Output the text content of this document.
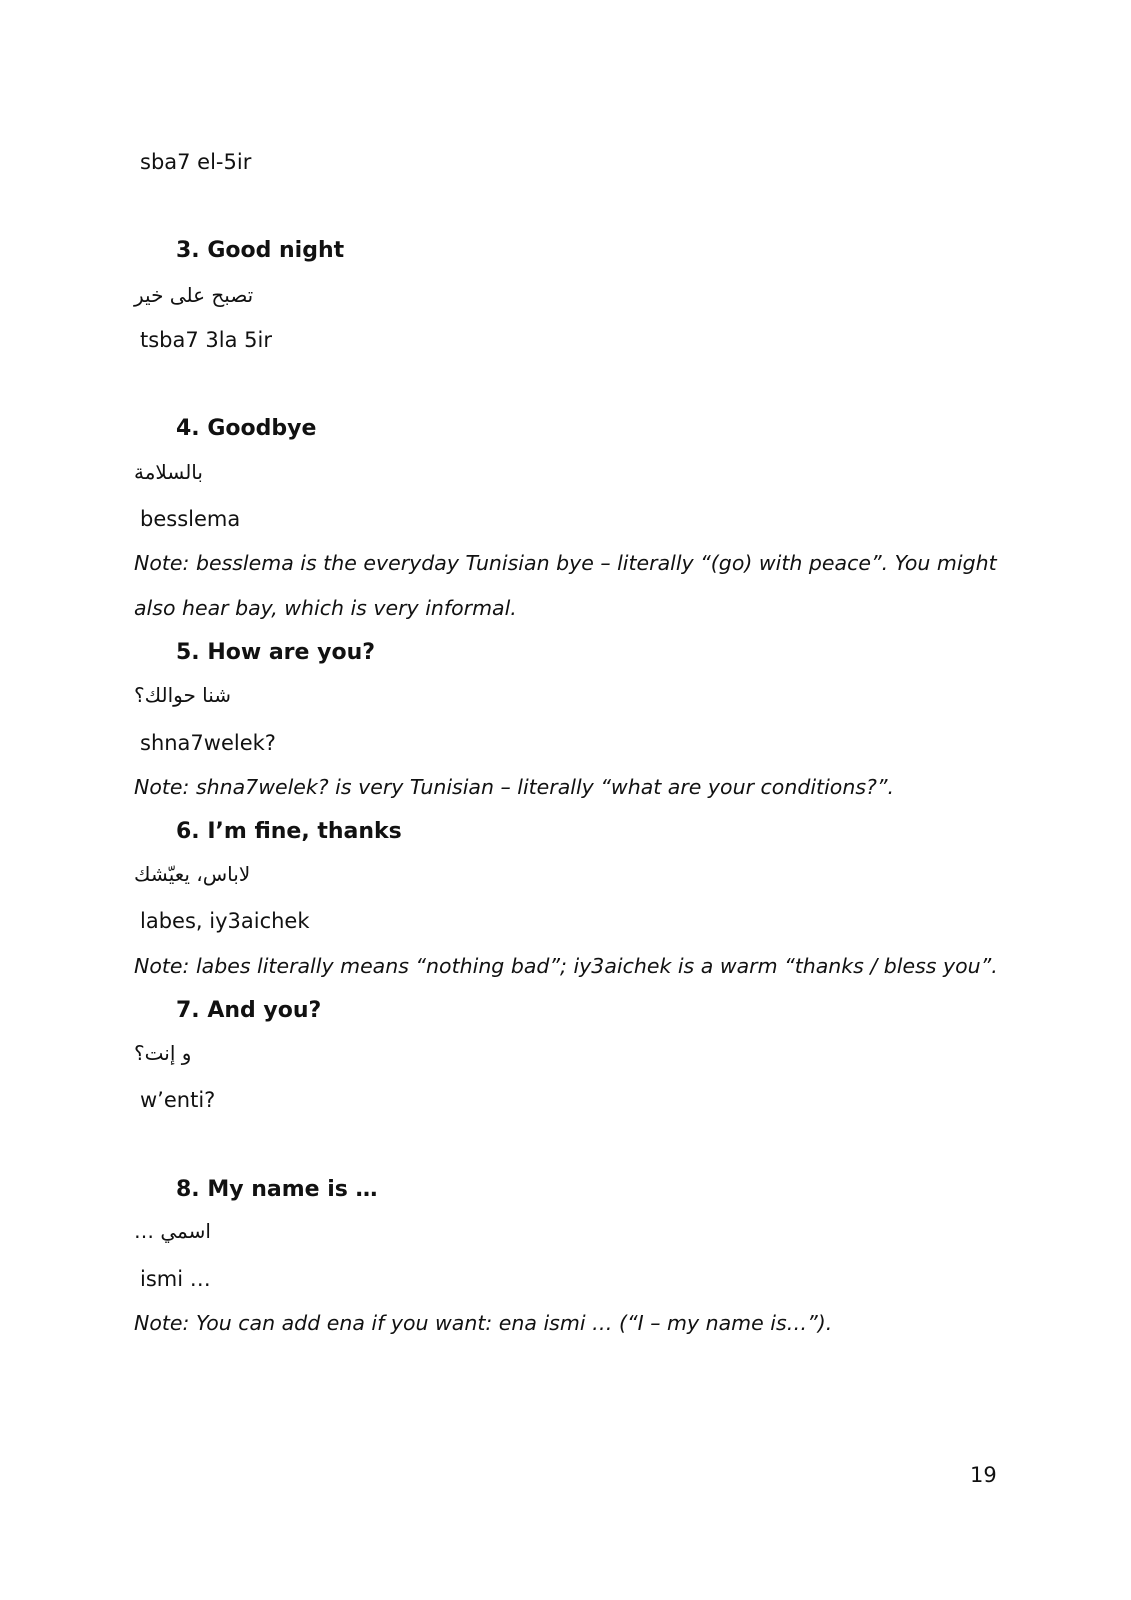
sba7 el-5ir
3. Good night
تصبح على خير
tsba7 3la 5ir
4. Goodbye
بالسلامة
besslema
Note: besslema is the everyday Tunisian bye – literally “(go) with peace”. You might
also hear bay, which is very informal.
5. How are you?
شنا حوالك؟
shna7welek?
Note: shna7welek? is very Tunisian – literally “what are your conditions?”.
6. I’m fine, thanks
لاباس، يعيّشك
labes, iy3aichek
Note: labes literally means “nothing bad”; iy3aichek is a warm “thanks / bless you”.
7. And you?
و إنت؟
w’enti?
8. My name is …
اسمي …
ismi …
Note: You can add ena if you want: ena ismi … (“I – my name is…”).
19
